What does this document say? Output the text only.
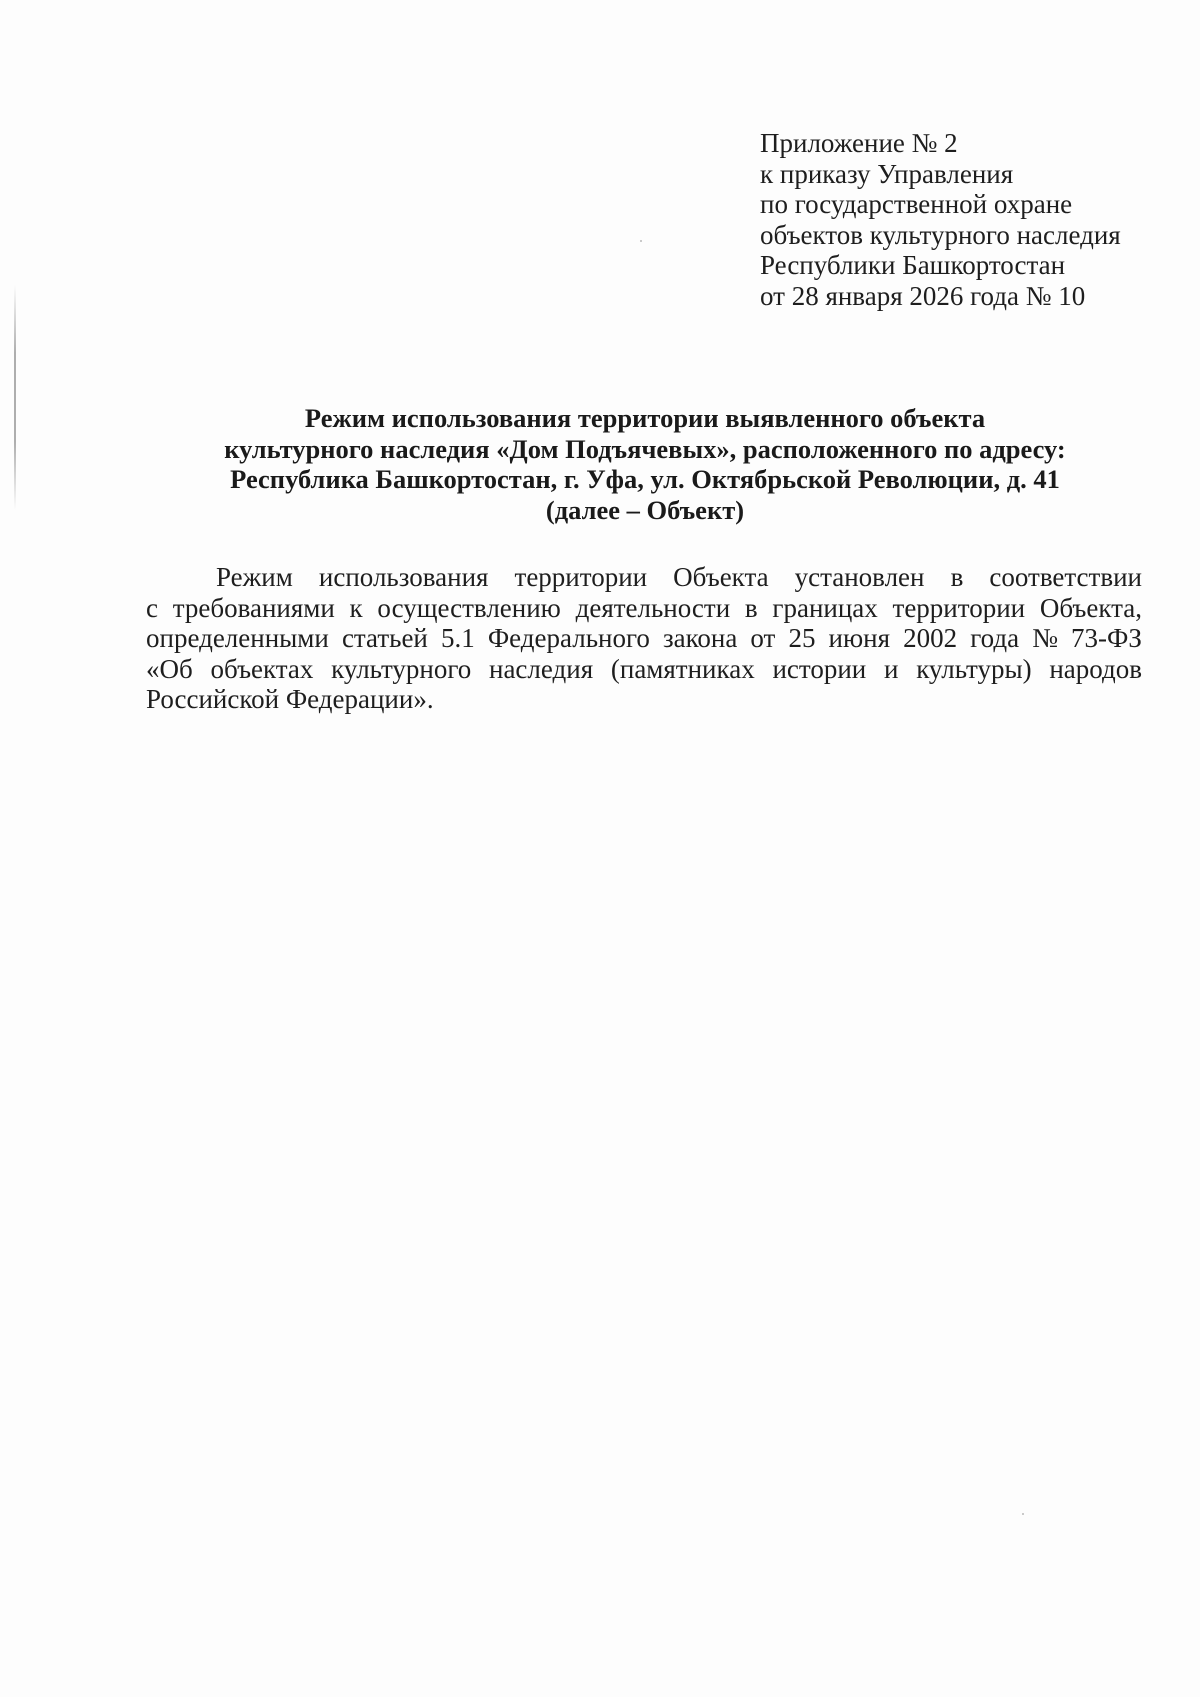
Приложение № 2
к приказу Управления
по государственной охране
объектов культурного наследия
Республики Башкортостан
от 28 января 2026 года № 10
Режим использования территории выявленного объекта
культурного наследия «Дом Подъячевых», расположенного по адресу:
Республика Башкортостан, г. Уфа, ул. Октябрьской Революции, д. 41
(далее – Объект)
Режим использования территории Объекта установлен в соответствии
с требованиями к осуществлению деятельности в границах территории Объекта,
определенными статьей 5.1 Федерального закона от 25 июня 2002 года № 73-ФЗ
«Об объектах культурного наследия (памятниках истории и культуры) народов
Российской Федерации».
